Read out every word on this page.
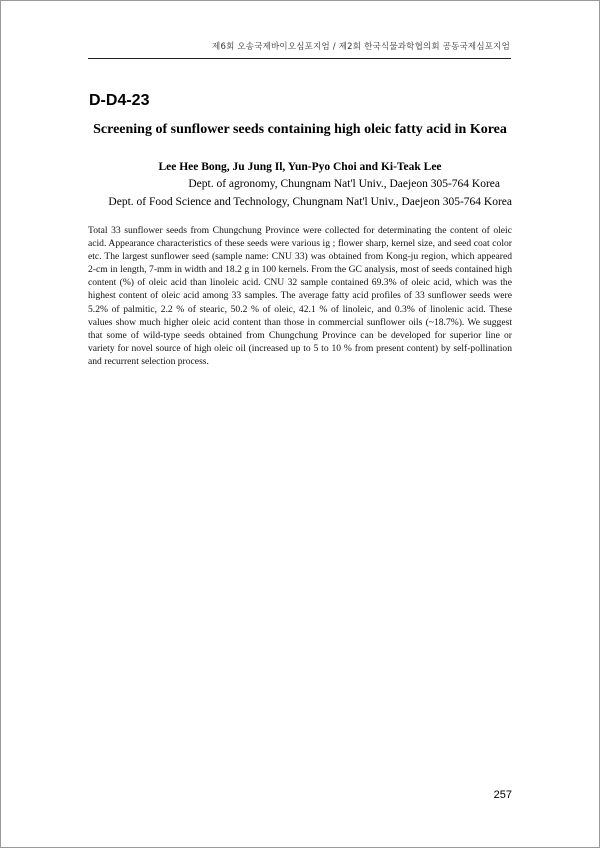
제6회 오송국제바이오심포지엄 / 제2회 한국식물과학협의회 공동국제심포지엄
D-D4-23
Screening of sunflower seeds containing high oleic fatty acid in Korea
Lee Hee Bong, Ju Jung Il, Yun-Pyo Choi and Ki-Teak Lee
Dept. of agronomy, Chungnam Nat'l Univ., Daejeon 305-764 Korea
Dept. of Food Science and Technology, Chungnam Nat'l Univ., Daejeon 305-764 Korea
Total 33 sunflower seeds from Chungchung Province were collected for determinating the content of oleic acid. Appearance characteristics of these seeds were various ig ; flower sharp, kernel size, and seed coat color etc. The largest sunflower seed (sample name: CNU 33) was obtained from Kong-ju region, which appeared 2-cm in length, 7-mm in width and 18.2 g in 100 kernels. From the GC analysis, most of seeds contained high content (%) of oleic acid than linoleic acid. CNU 32 sample contained 69.3% of oleic acid, which was the highest content of oleic acid among 33 samples. The average fatty acid profiles of 33 sunflower seeds were 5.2% of palmitic, 2.2 % of stearic, 50.2 % of oleic, 42.1 % of linoleic, and 0.3% of linolenic acid. These values show much higher oleic acid content than those in commercial sunflower oils (~18.7%). We suggest that some of wild-type seeds obtained from Chungchung Province can be developed for superior line or variety for novel source of high oleic oil (increased up to 5 to 10 % from present content) by self-pollination and recurrent selection process.
257
